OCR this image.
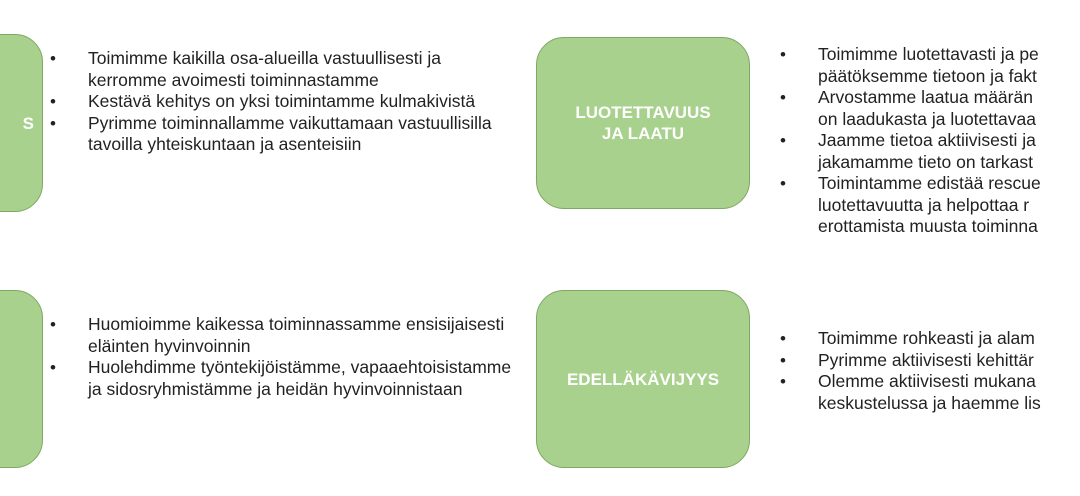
S
LUOTETTAVUUS
JA LAATU
EDELLÄKÄVIJYYS
• Toimimme kaikilla osa-alueilla vastuullisesti ja kerromme avoimesti toiminnastamme
• Kestävä kehitys on yksi toimintamme kulmakivistä
• Pyrimme toiminnallamme vaikuttamaan vastuullisilla tavoilla yhteiskuntaan ja asenteisiin
• Huomioimme kaikessa toiminnassamme ensisijaisesti eläinten hyvinvoinnin
• Huolehdimme työntekijöistämme, vapaaehtoisistamme ja sidosryhmistämme ja heidän hyvinvoinnistaan
• Toimimme luotettavasti ja pe
päätöksemme tietoon ja fakt
• Arvostamme laatua määrän
on laadukasta ja luotettavaa
• Jaamme tietoa aktiivisesti ja
jakamamme tieto on tarkast
• Toimintamme edistää rescue
luotettavuutta ja helpottaa r
erottamista muusta toiminna
• Toimimme rohkeasti ja alam
• Pyrimme aktiivisesti kehittär
• Olemme aktiivisesti mukana
keskustelussa ja haemme lis
